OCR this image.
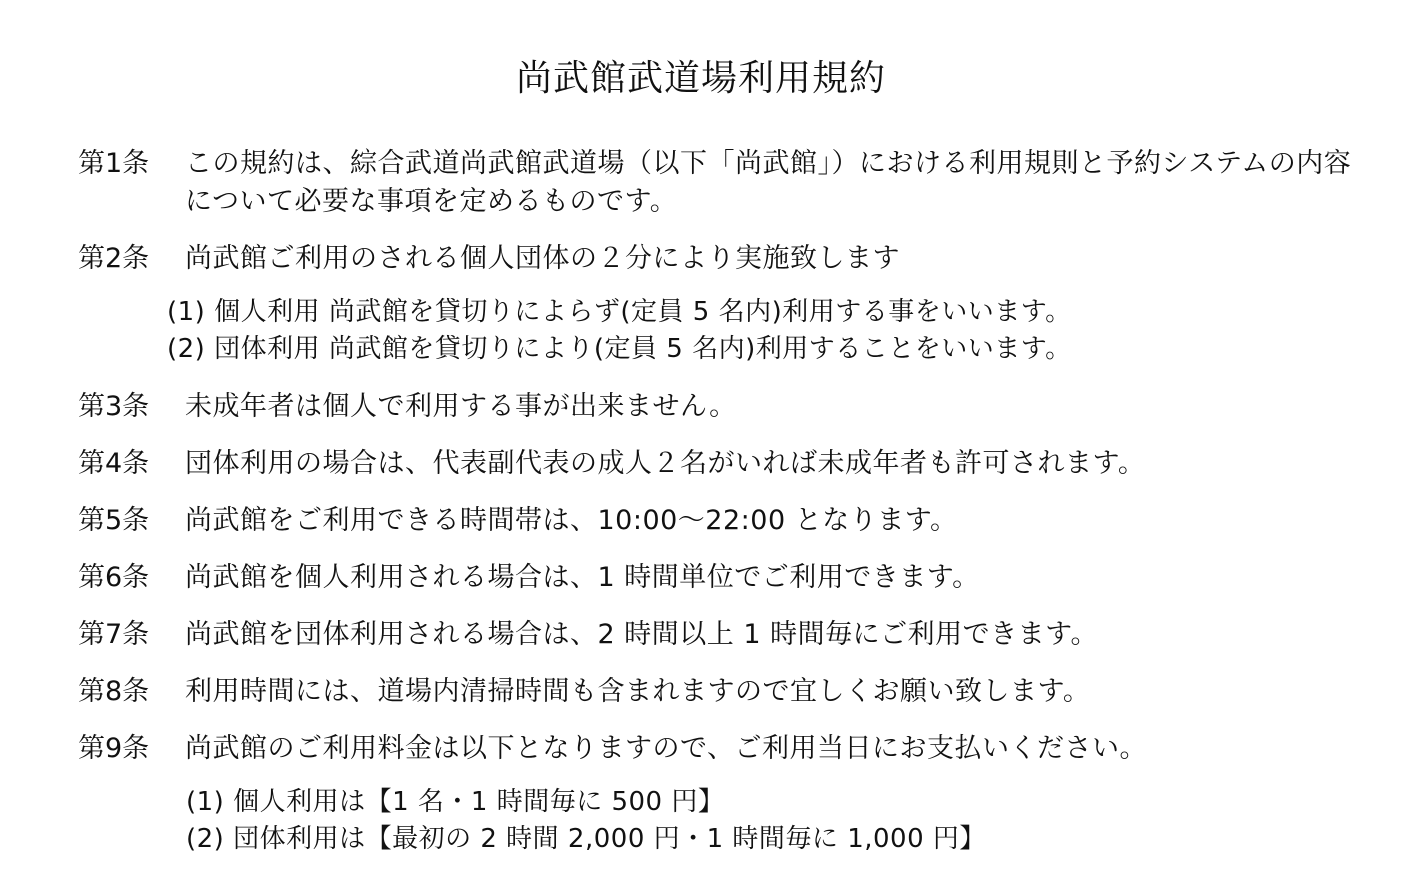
尚武館武道場利用規約
第1条	この規約は、綜合武道尚武館武道場（以下「尚武館」）における利用規則と予約システムの内容について必要な事項を定めるものです。
第2条	尚武館ご利用のされる個人団体の２分により実施致します
(1) 個人利用 尚武館を貸切りによらず(定員 5 名内)利用する事をいいます。
(2) 団体利用 尚武館を貸切りにより(定員 5 名内)利用することをいいます。
第3条	未成年者は個人で利用する事が出来ません。
第4条	団体利用の場合は、代表副代表の成人２名がいれば未成年者も許可されます。
第5条	尚武館をご利用できる時間帯は、10:00～22:00 となります。
第6条	尚武館を個人利用される場合は、1 時間単位でご利用できます。
第7条	尚武館を団体利用される場合は、2 時間以上 1 時間毎にご利用できます。
第8条	利用時間には、道場内清掃時間も含まれますので宜しくお願い致します。
第9条	尚武館のご利用料金は以下となりますので、ご利用当日にお支払いください。
(1) 個人利用は【1 名・1 時間毎に 500 円】
(2) 団体利用は【最初の 2 時間 2,000 円・1 時間毎に 1,000 円】
